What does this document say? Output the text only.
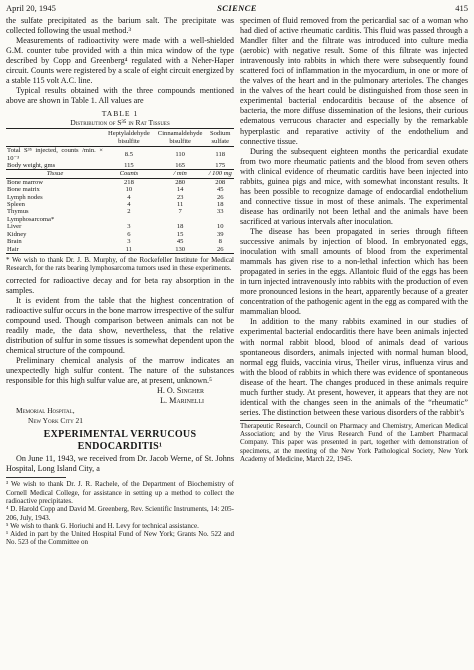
April 20, 1945	SCIENCE	415

the sulfate precipitated as the barium salt. The precipitate was collected following the usual method.³

Measurements of radioactivity were made with a well-shielded G.M. counter tube provided with a thin mica window of the type described by Copp and Greenberg⁴ regulated with a Neher-Haper circuit. Counts were registered by a scale of eight circuit energized by a stable 115 volt A.C. line.

Typical results obtained with the three compounds mentioned above are shown in Table 1. All values are

TABLE 1
Distribution of S³⁵ in Rat Tissues
	Heptylaldehyde bisulfite	Cinnamaldehyde bisulfite	Sodium sulfate
Total S³⁵ injected, counts /min. × 10⁻³	8.5	110	118
Body weight, gms	115	165	175
Tissue	Counts	/ min	/ 100 mg
Bone marrow	218	280	208
Bone matrix	10	14	45
Lymph nodes	4	23	26
Spleen	4	11	18
Thymus	2	7	33
Lymphosarcoma*			
Liver	3	18	10
Kidney	6	15	39
Brain	3	45	8
Hair	11	130	26

* We wish to thank Dr. J. B. Murphy, of the Rockefeller Institute for Medical Research, for the rats bearing lymphosarcoma tumors used in these experiments.

corrected for radioactive decay and for beta ray absorption in the samples.

It is evident from the table that the highest concentration of radioactive sulfur occurs in the bone marrow irrespective of the sulfur compound used. Though comparison between animals can not be readily made, the data show, nevertheless, that the relative distribution of sulfur in some tissues is somewhat dependent upon the chemical structure of the compound.

Preliminary chemical analysis of the marrow indicates an unexpectedly high sulfur content. The nature of the substances responsible for this high sulfur value are, at present, unknown.⁵

H. O. Singher

L. Marinelli

Memorial Hospital,

New York City 21

EXPERIMENTAL VERRUCOUS ENDOCARDITIS¹

On June 11, 1943, we received from Dr. Jacob Werne, of St. Johns Hospital, Long Island City, a

³ We wish to thank Dr. J. R. Rachele, of the Department of Biochemistry of Cornell Medical College, for assistance in setting up a method to collect the radioactive precipitates.

⁴ D. Harold Copp and David M. Greenberg, Rev. Scientific Instruments, 14: 205-206, July, 1943.

⁵ We wish to thank G. Horiuchi and H. Levy for technical assistance.

¹ Aided in part by the United Hospital Fund of New York; Grants No. 522 and No. 523 of the Committee on

specimen of fluid removed from the pericardial sac of a woman who had died of active rheumatic carditis. This fluid was passed through a Mandler filter and the filtrate was introduced into culture media (aerobic) with negative result. Some of this filtrate was injected intravenously into rabbits in which there were subsequently found scattered foci of inflammation in the myocardium, in one or more of the valves of the heart and in the pulmonary arterioles. The changes in the valves of the heart could be distinguished from those seen in experimental bacterial endocarditis because of the absence of bacteria, the more diffuse dissemination of the lesions, their curious edematous verrucous character and especially by the remarkable hyperplastic and reparative activity of the endothelium and connective tissue.

During the subsequent eighteen months the pericardial exudate from two more rheumatic patients and the blood from seven others with clinical evidence of rheumatic carditis have been injected into rabbits, guinea pigs and mice, with somewhat inconstant results. It has been possible to recognize damage of endocardial endothelium and connective tissue in most of these animals. The experimental disease has ordinarily not been lethal and the animals have been sacrificed at various intervals after inoculation.

The disease has been propagated in series through fifteen successive animals by injection of blood. In embryonated eggs, inoculation with small amounts of blood from the experimental mammals has given rise to a non-lethal infection which has been propagated in series in the eggs. Allantoic fluid of the eggs has been in turn injected intravenously into rabbits with the production of even more pronounced lesions in the heart, apparently because of a greater concentration of the pathogenic agent in the egg as compared with the mammalian blood.

In addition to the many rabbits examined in our studies of experimental bacterial endocarditis there have been animals injected with normal rabbit blood, blood of animals dead of various spontaneous disorders, animals injected with normal human blood, normal egg fluids, vaccinia virus, Theiler virus, influenza virus and with the blood of rabbits in which there was evidence of spontaneous disease of the heart. The changes produced in these animals require much further study. At present, however, it appears that they are not identical with the changes seen in the animals of the “rheumatic” series. The distinction between these various disorders of the rabbit’s

Therapeutic Research, Council on Pharmacy and Chemistry, American Medical Association; and by the Virus Research Fund of the Lambert Pharmacal Company. This paper was presented in part, together with demonstration of specimens, at the meeting of the New York Pathological Society, New York Academy of Medicine, March 22, 1945.
